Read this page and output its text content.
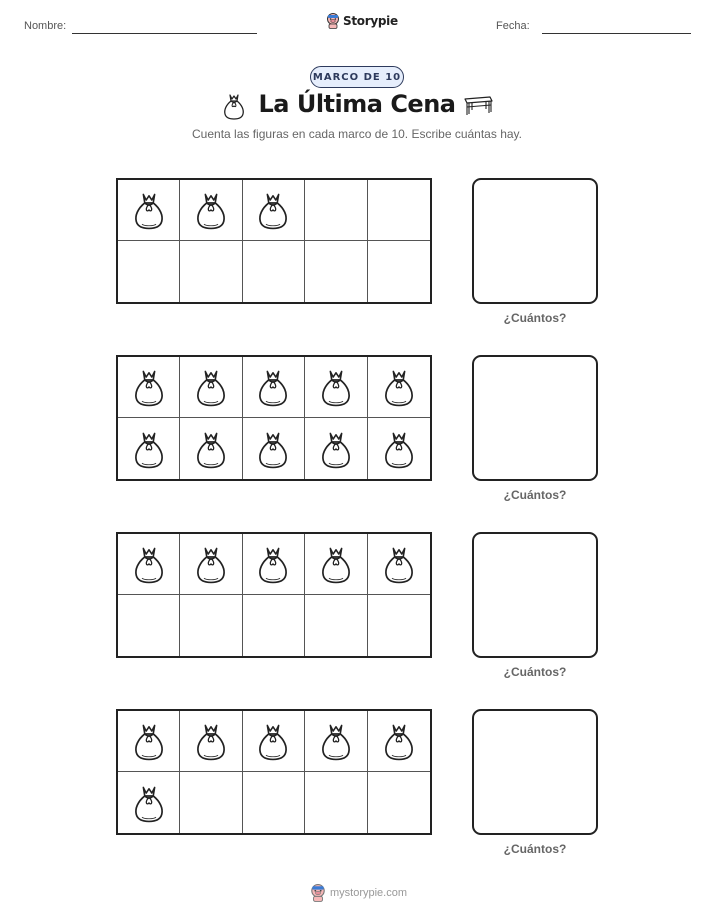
Nombre:	Storypie	Fecha:
MARCO DE 10
La Última Cena
Cuenta las figuras en cada marco de 10. Escribe cuántas hay.
¿Cuántos?
¿Cuántos?
¿Cuántos?
¿Cuántos?
mystorypie.com
